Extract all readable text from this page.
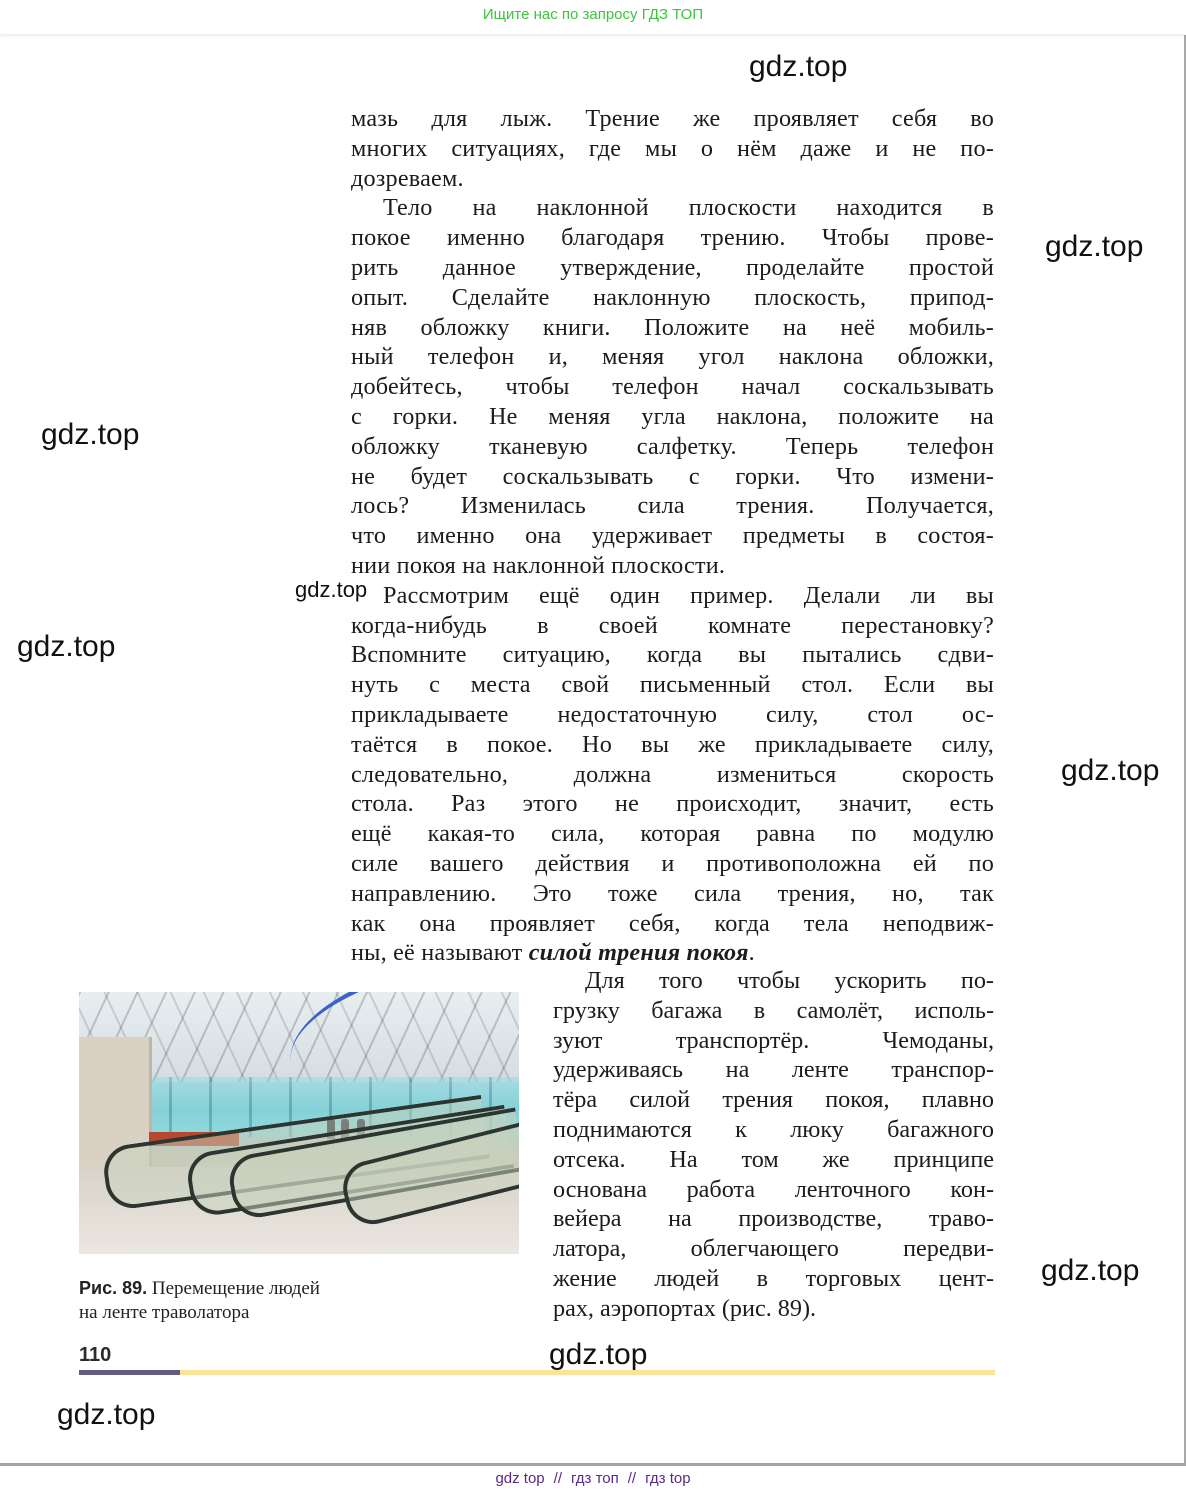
Ищите нас по запросу ГДЗ ТОП
мазь для лыж. Трение же проявляет себя во
многих ситуациях, где мы о нём даже и не по-
дозреваем.
Тело на наклонной плоскости находится в
покое именно благодаря трению. Чтобы прове-
рить данное утверждение, проделайте простой
опыт. Сделайте наклонную плоскость, припод-
няв обложку книги. Положите на неё мобиль-
ный телефон и, меняя угол наклона обложки,
добейтесь, чтобы телефон начал соскальзывать
с горки. Не меняя угла наклона, положите на
обложку тканевую салфетку. Теперь телефон
не будет соскальзывать с горки. Что измени-
лось? Изменилась сила трения. Получается,
что именно она удерживает предметы в состоя-
нии покоя на наклонной плоскости.
Рассмотрим ещё один пример. Делали ли вы
когда-нибудь в своей комнате перестановку?
Вспомните ситуацию, когда вы пытались сдви-
нуть с места свой письменный стол. Если вы
прикладываете недостаточную силу, стол ос-
таётся в покое. Но вы же прикладываете силу,
следовательно, должна измениться скорость
стола. Раз этого не происходит, значит, есть
ещё какая-то сила, которая равна по модулю
силе вашего действия и противоположна ей по
направлению. Это тоже сила трения, но, так
как она проявляет себя, когда тела неподвиж-
ны, её называют силой трения покоя.
Для того чтобы ускорить по-
грузку багажа в самолёт, исполь-
зуют транспортёр. Чемоданы,
удерживаясь на ленте транспор-
тёра силой трения покоя, плавно
поднимаются к люку багажного
отсека. На том же принципе
основана работа ленточного кон-
вейера на производстве, траво-
латора, облегчающего передви-
жение людей в торговых цент-
рах, аэропортах (рис. 89).
Рис. 89. Перемещение людей
на ленте траволатора
110
gdz.top
gdz.top
gdz.top
gdz.top
gdz.top
gdz.top
gdz.top
gdz.top
gdz.top
gdz top // гдз топ // гдз top
